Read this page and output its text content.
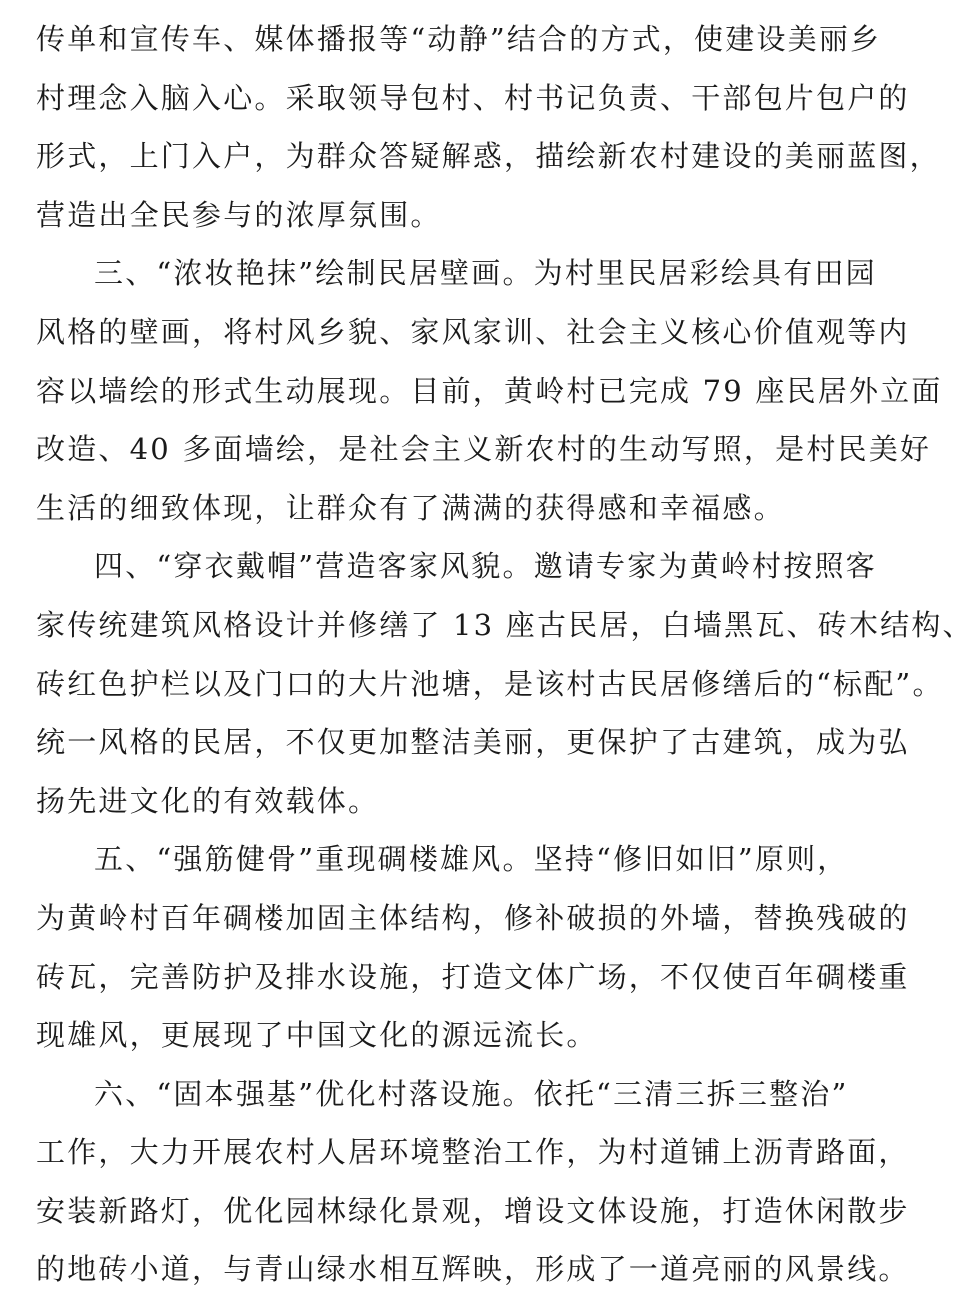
传单和宣传车、媒体播报等“动静”结合的方式，使建设美丽乡
村理念入脑入心。采取领导包村、村书记负责、干部包片包户的
形式，上门入户，为群众答疑解惑，描绘新农村建设的美丽蓝图，
营造出全民参与的浓厚氛围。
三、“浓妆艳抹”绘制民居壁画。为村里民居彩绘具有田园
风格的壁画，将村风乡貌、家风家训、社会主义核心价值观等内
容以墙绘的形式生动展现。目前，黄岭村已完成 79 座民居外立面
改造、40 多面墙绘，是社会主义新农村的生动写照，是村民美好
生活的细致体现，让群众有了满满的获得感和幸福感。
四、“穿衣戴帽”营造客家风貌。邀请专家为黄岭村按照客
家传统建筑风格设计并修缮了 13 座古民居，白墙黑瓦、砖木结构、
砖红色护栏以及门口的大片池塘，是该村古民居修缮后的“标配”。
统一风格的民居，不仅更加整洁美丽，更保护了古建筑，成为弘
扬先进文化的有效载体。
五、“强筋健骨”重现碉楼雄风。坚持“修旧如旧”原则，
为黄岭村百年碉楼加固主体结构，修补破损的外墙，替换残破的
砖瓦，完善防护及排水设施，打造文体广场，不仅使百年碉楼重
现雄风，更展现了中国文化的源远流长。
六、“固本强基”优化村落设施。依托“三清三拆三整治”
工作，大力开展农村人居环境整治工作，为村道铺上沥青路面，
安装新路灯，优化园林绿化景观，增设文体设施，打造休闲散步
的地砖小道，与青山绿水相互辉映，形成了一道亮丽的风景线。
